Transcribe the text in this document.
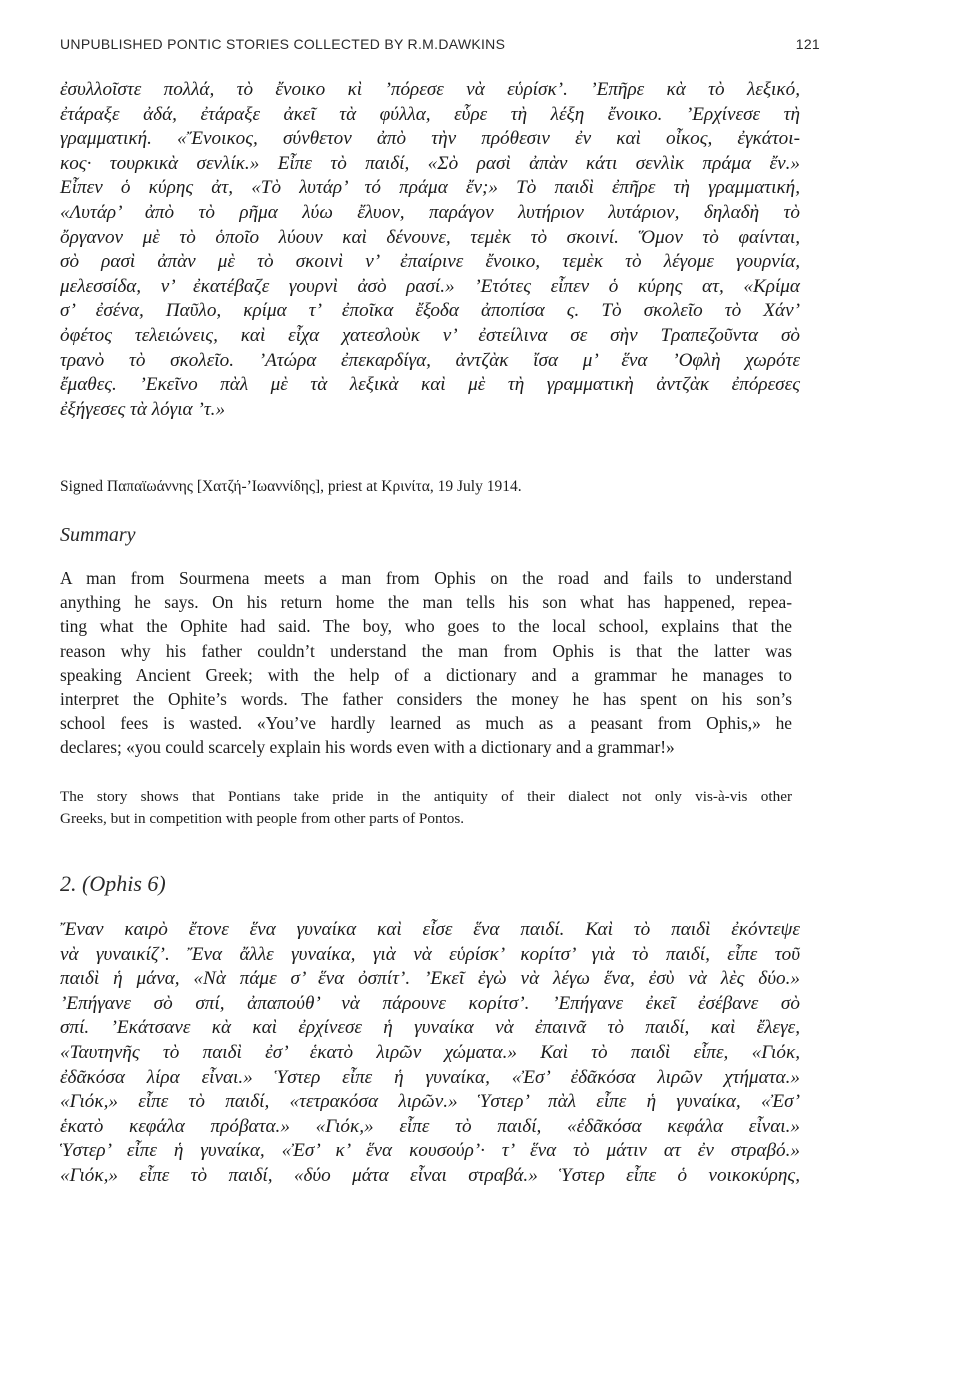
UNPUBLISHED PONTIC STORIES COLLECTED BY R.M.DAWKINS	121

ἐσυλλοῖστε πολλά, τὸ ἔνοικο κὶ ’πόρεσε νὰ εὑρίσκ’. ’Επῆρε κὰ τὸ λεξικό,
ἐτάραξε ἀδά, ἐτάραξε ἀκεῖ τὰ φύλλα, εὗρε τὴ λέξη ἔνοικο. ’Ερχίνεσε τὴ
γραμματική. «Ἔνοικος, σύνθετον ἀπὸ τὴν πρόθεσιν ἐν καὶ οἶκος, ἐγκάτοι-
κος· τουρκικὰ σενλίκ.» Εἶπε τὸ παιδί, «Σὸ ρασὶ ἀπὰν κάτι σενλὶκ πράμα ἔν.»
Εἶπεν ὁ κύρης ἀτ, «Τὸ λυτάρ’ τό πράμα ἔν;» Τὸ παιδὶ ἐπῆρε τὴ γραμματική,
«Λυτάρ’ ἀπὸ τὸ ρῆμα λύω ἔλυον, παράγον λυτήριον λυτάριον, δηλαδὴ τὸ
ὄργανον μὲ τὸ ὁποῖο λύουν καὶ δένουνε, τεμὲκ τὸ σκοινί. Ὅμον τὸ φαίνται,
σὸ ρασὶ ἀπὰν μὲ τὸ σκοινὶ ν’ ἐπαίρινε ἔνοικο, τεμὲκ τὸ λέγομε γουρνία,
μελεσσίδα, ν’ ἐκατέβαζε γουρνὶ ἀσὸ ρασί.» ’Ετότες εἶπεν ὁ κύρης ατ, «Κρίμα
σ’ ἐσένα, Παῦλο, κρίμα τ’ ἐποῖκα ἔξοδα ἀποπίσα ς. Τὸ σκολεῖο τὸ Χάν’
ὀφέτος τελειώνεις, καὶ εἶχα χατεσλοὺκ ν’ ἐστείλινα σε σὴν Τραπεζοῦντα σὸ
τρανὸ τὸ σκολεῖο. ’Ατώρα ἐπεκαρδίγα, ἀντζὰκ ἴσα μ’ ἕνα ’Οφλὴ χωρότε
ἔμαθες. ’Εκεῖνο πὰλ μὲ τὰ λεξικὰ καὶ μὲ τὴ γραμματικὴ ἀντζὰκ ἐπόρεσες
ἐξήγεσες τὰ λόγια ’τ.»

Signed Παπαϊωάννης [Χατζή-’Ιωαννίδης], priest at Κρινίτα, 19 July 1914.

Summary

A man from Sourmena meets a man from Ophis on the road and fails to understand
anything he says. On his return home the man tells his son what has happened, repea-
ting what the Ophite had said. The boy, who goes to the local school, explains that the
reason why his father couldn’t understand the man from Ophis is that the latter was
speaking Ancient Greek; with the help of a dictionary and a grammar he manages to
interpret the Ophite’s words. The father considers the money he has spent on his son’s
school fees is wasted. «You’ve hardly learned as much as a peasant from Ophis,» he
declares; «you could scarcely explain his words even with a dictionary and a grammar!»

The story shows that Pontians take pride in the antiquity of their dialect not only vis-à-vis other
Greeks, but in competition with people from other parts of Pontos.

2. (Ophis 6)

Ἔναν καιρὸ ἔτονε ἕνα γυναίκα καὶ εἶσε ἕνα παιδί. Καὶ τὸ παιδὶ ἐκόντεψε
νὰ γυναικίζ’. Ἔνα ἄλλε γυναίκα, γιὰ νὰ εὑρίσκ’ κορίτσ’ γιὰ τὸ παιδί, εἶπε τοῦ
παιδὶ ἡ μάνα, «Νὰ πάμε σ’ ἕνα ὀσπίτ’. ’Εκεῖ ἐγὼ νὰ λέγω ἕνα, ἐσὺ νὰ λὲς δύο.»
’Επήγανε σὸ σπί, ἀπαπούθ’ νὰ πάρουνε κορίτσ’. ’Επήγανε ἐκεῖ ἐσέβανε σὸ
σπί. ’Εκάτσανε κὰ καὶ ἐρχίνεσε ἡ γυναίκα νὰ ἐπαινᾶ τὸ παιδί, καὶ ἔλεγε,
«Ταυτηνῆς τὸ παιδὶ ἐσ’ ἑκατὸ λιρῶν χώματα.» Καὶ τὸ παιδὶ εἶπε, «Γιόκ,
ἐδᾶκόσα λίρα εἶναι.» Ὑστερ εἶπε ἡ γυναίκα, «Ἐσ’ ἐδᾶκόσα λιρῶν χτήματα.»
«Γιόκ,» εἶπε τὸ παιδί, «τετρακόσα λιρῶν.» Ὑστερ’ πὰλ εἶπε ἡ γυναίκα, «Ἐσ’
ἑκατὸ κεφάλα πρόβατα.» «Γιόκ,» εἶπε τὸ παιδί, «ἐδᾶκόσα κεφάλα εἶναι.»
Ὑστερ’ εἶπε ἡ γυναίκα, «Ἐσ’ κ’ ἕνα κουσούρ’· τ’ ἕνα τὸ μάτιν ατ ἐν στραβό.»
«Γιόκ,» εἶπε τὸ παιδί, «δύο μάτα εἶναι στραβά.» Ὑστερ εἶπε ὁ νοικοκύρης,
